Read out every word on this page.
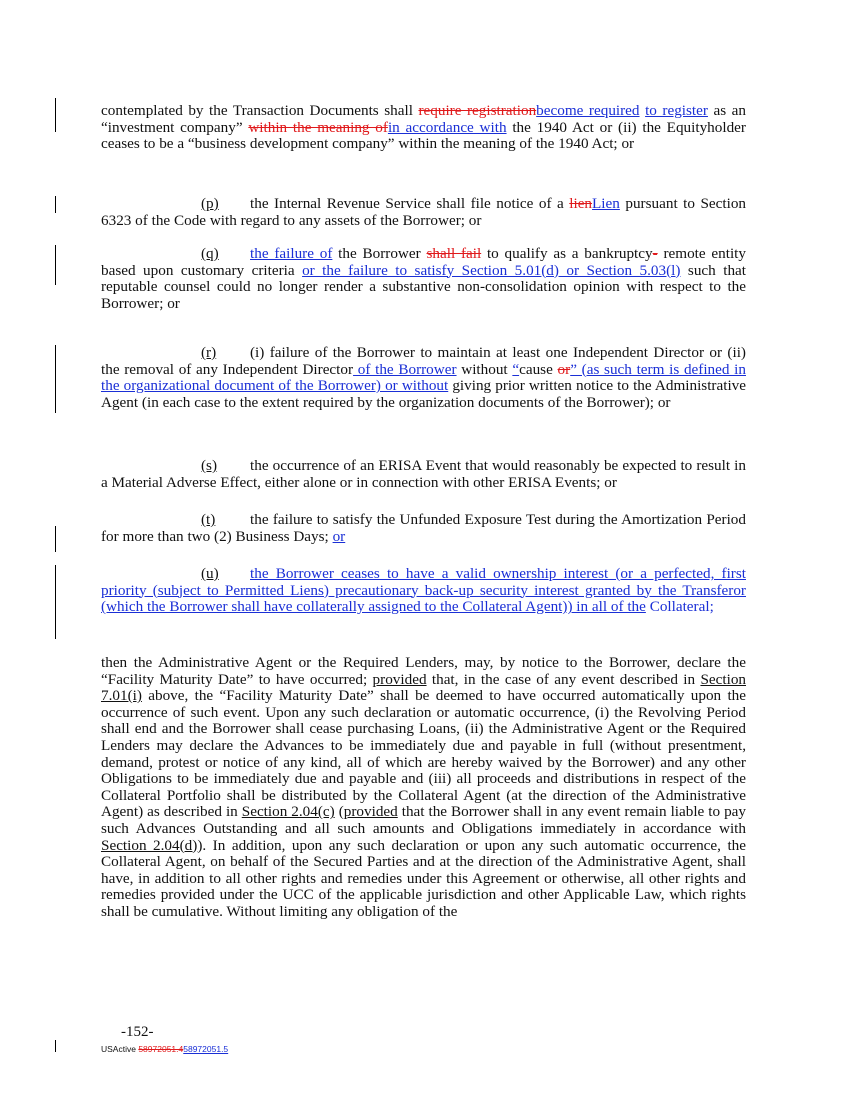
contemplated by the Transaction Documents shall require registrationbecome required to register as an “investment company” within the meaning ofin accordance with the 1940 Act or (ii) the Equityholder ceases to be a “business development company” within the meaning of the 1940 Act; or
(p) the Internal Revenue Service shall file notice of a lienLien pursuant to Section 6323 of the Code with regard to any assets of the Borrower; or
(q) the failure of the Borrower shall fail to qualify as a bankruptcy- remote entity based upon customary criteria or the failure to satisfy Section 5.01(d) or Section 5.03(l) such that reputable counsel could no longer render a substantive non-consolidation opinion with respect to the Borrower; or
(r) (i) failure of the Borrower to maintain at least one Independent Director or (ii) the removal of any Independent Director of the Borrower without “cause or” (as such term is defined in the organizational document of the Borrower) or without giving prior written notice to the Administrative Agent (in each case to the extent required by the organization documents of the Borrower); or
(s) the occurrence of an ERISA Event that would reasonably be expected to result in a Material Adverse Effect, either alone or in connection with other ERISA Events; or
(t) the failure to satisfy the Unfunded Exposure Test during the Amortization Period for more than two (2) Business Days; or
(u) the Borrower ceases to have a valid ownership interest (or a perfected, first priority (subject to Permitted Liens) precautionary back-up security interest granted by the Transferor (which the Borrower shall have collaterally assigned to the Collateral Agent)) in all of the Collateral;
then the Administrative Agent or the Required Lenders, may, by notice to the Borrower, declare the “Facility Maturity Date” to have occurred; provided that, in the case of any event described in Section 7.01(i) above, the “Facility Maturity Date” shall be deemed to have occurred automatically upon the occurrence of such event. Upon any such declaration or automatic occurrence, (i) the Revolving Period shall end and the Borrower shall cease purchasing Loans, (ii) the Administrative Agent or the Required Lenders may declare the Advances to be immediately due and payable in full (without presentment, demand, protest or notice of any kind, all of which are hereby waived by the Borrower) and any other Obligations to be immediately due and payable and (iii) all proceeds and distributions in respect of the Collateral Portfolio shall be distributed by the Collateral Agent (at the direction of the Administrative Agent) as described in Section 2.04(c) (provided that the Borrower shall in any event remain liable to pay such Advances Outstanding and all such amounts and Obligations immediately in accordance with Section 2.04(d)). In addition, upon any such declaration or upon any such automatic occurrence, the Collateral Agent, on behalf of the Secured Parties and at the direction of the Administrative Agent, shall have, in addition to all other rights and remedies under this Agreement or otherwise, all other rights and remedies provided under the UCC of the applicable jurisdiction and other Applicable Law, which rights shall be cumulative. Without limiting any obligation of the
-152-
USActive 58972051.458972051.5
